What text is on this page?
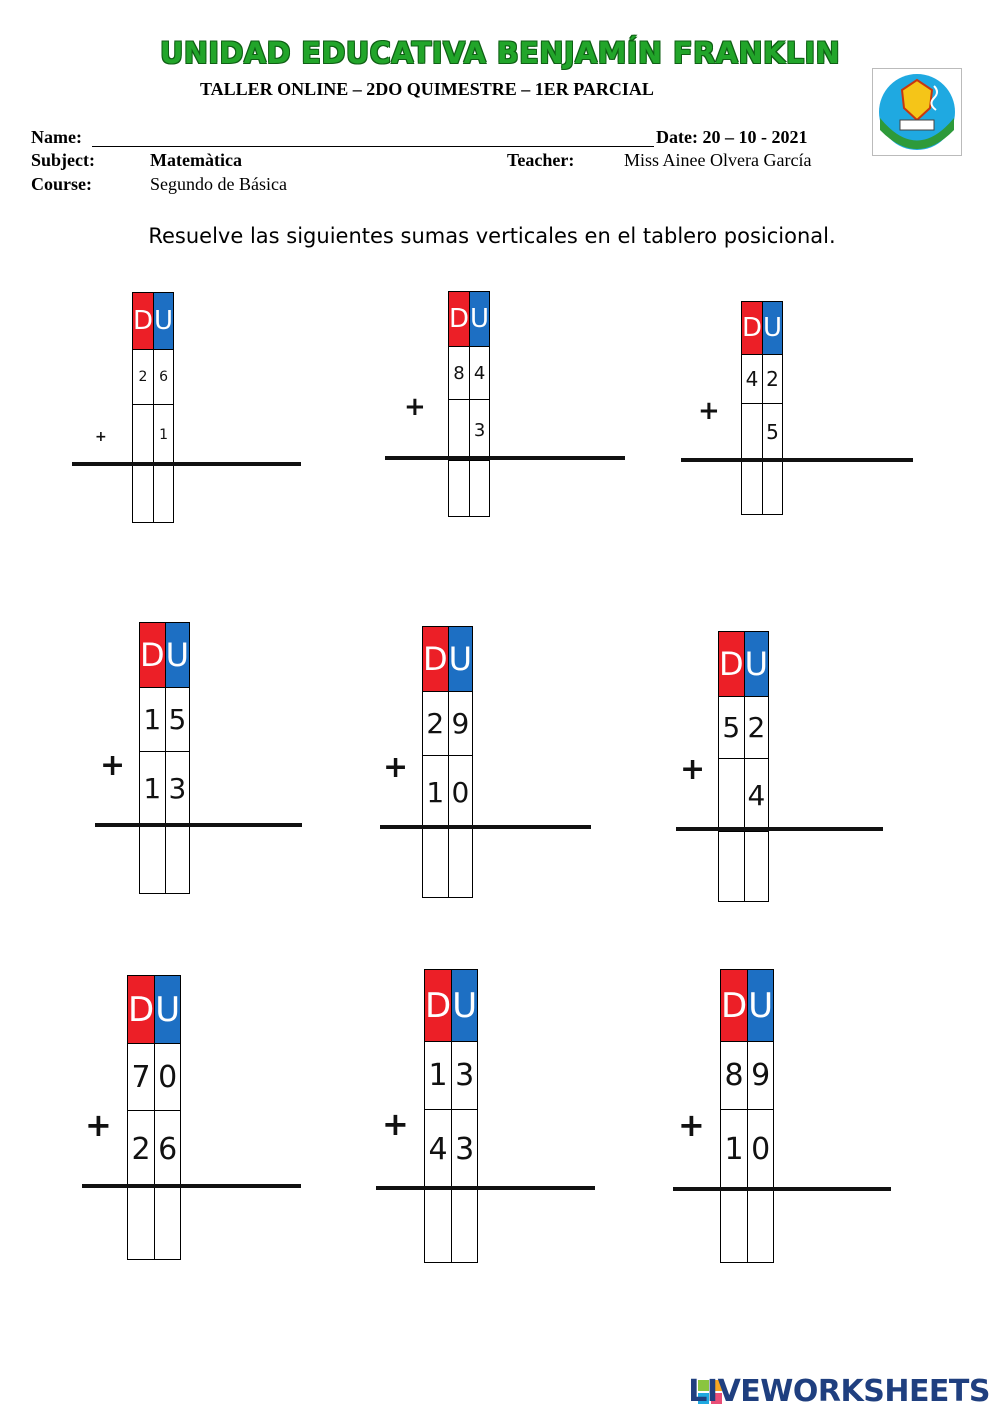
UNIDAD EDUCATIVA BENJAMÍN FRANKLIN
TALLER ONLINE – 2DO QUIMESTRE – 1ER PARCIAL
Name:	Date: 20 – 10 - 2021
Subject:	Matemàtica	Teacher:	Miss Ainee Olvera García
Course:	Segundo de Básica
Resuelve las siguientes sumas verticales en el tablero posicional.
D	U
2	6
	1

+
D	U
8	4
	3

+
D	U
4	2
	5

+
D	U
1	5
1	3

+
D	U
2	9
1	0

+
D	U
5	2
	4

+
D	U
7	0
2	6

+
D	U
1	3
4	3

+
D	U
8	9
1	0

+
LIVEWORKSHEETS
